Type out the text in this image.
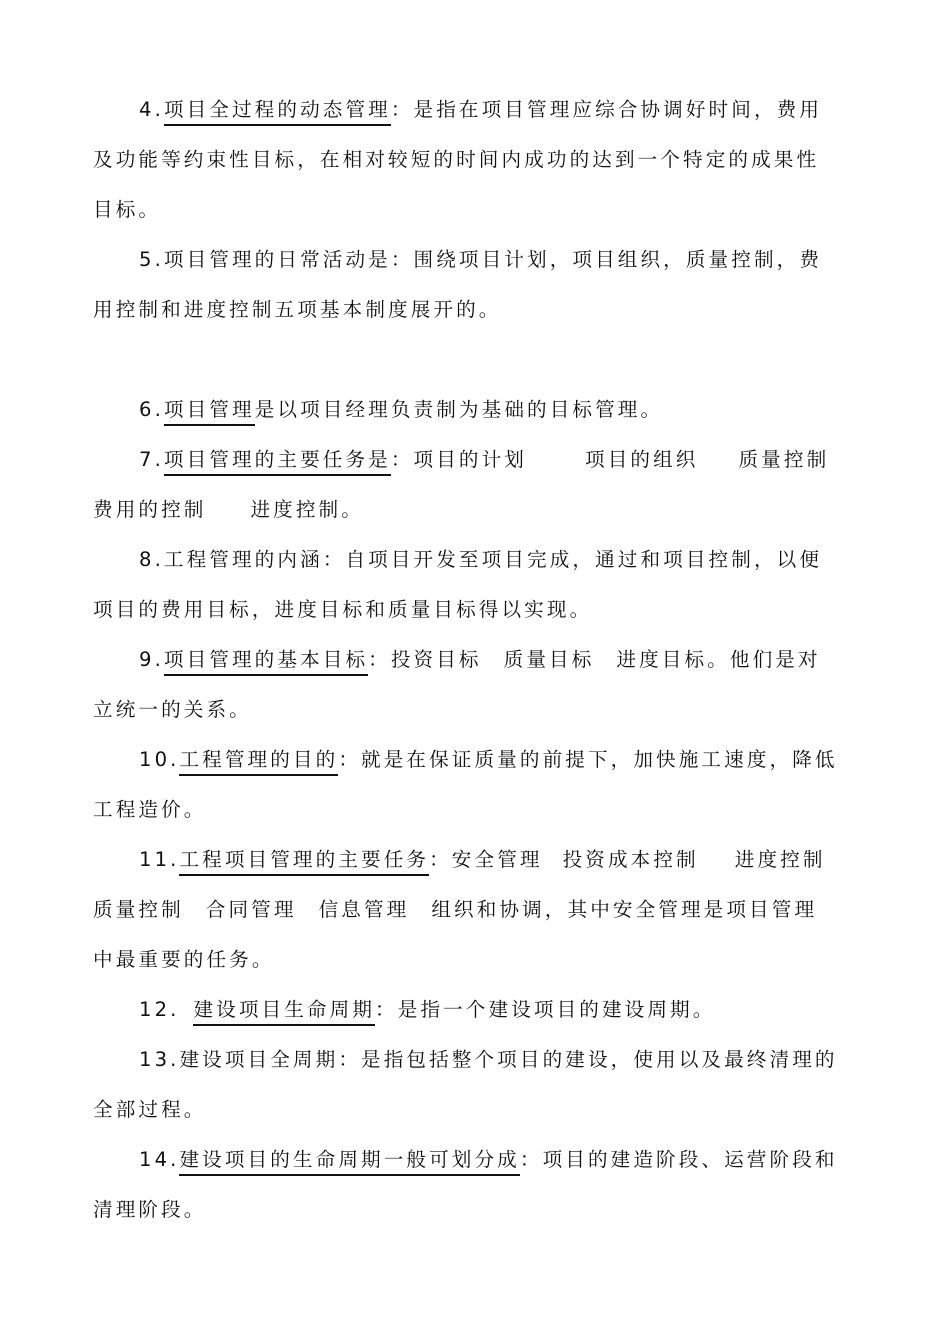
4.项目全过程的动态管理：是指在项目管理应综合协调好时间，费用
及功能等约束性目标，在相对较短的时间内成功的达到一个特定的成果性
目标。
5.项目管理的日常活动是：围绕项目计划，项目组织，质量控制，费
用控制和进度控制五项基本制度展开的。
6.项目管理是以项目经理负责制为基础的目标管理。
7.项目管理的主要任务是：项目的计划	项目的组织 质量控制
费用的控制 进度控制。
8.工程管理的内涵：自项目开发至项目完成，通过和项目控制，以便
项目的费用目标，进度目标和质量目标得以实现。
9.项目管理的基本目标：投资目标 质量目标 进度目标。他们是对
立统一的关系。
10.工程管理的目的：就是在保证质量的前提下，加快施工速度，降低
工程造价。
11.工程项目管理的主要任务：安全管理 投资成本控制 进度控制
质量控制 合同管理 信息管理 组织和协调，其中安全管理是项目管理
中最重要的任务。
12. 建设项目生命周期：是指一个建设项目的建设周期。
13.建设项目全周期：是指包括整个项目的建设，使用以及最终清理的
全部过程。
14.建设项目的生命周期一般可划分成：项目的建造阶段、运营阶段和
清理阶段。
